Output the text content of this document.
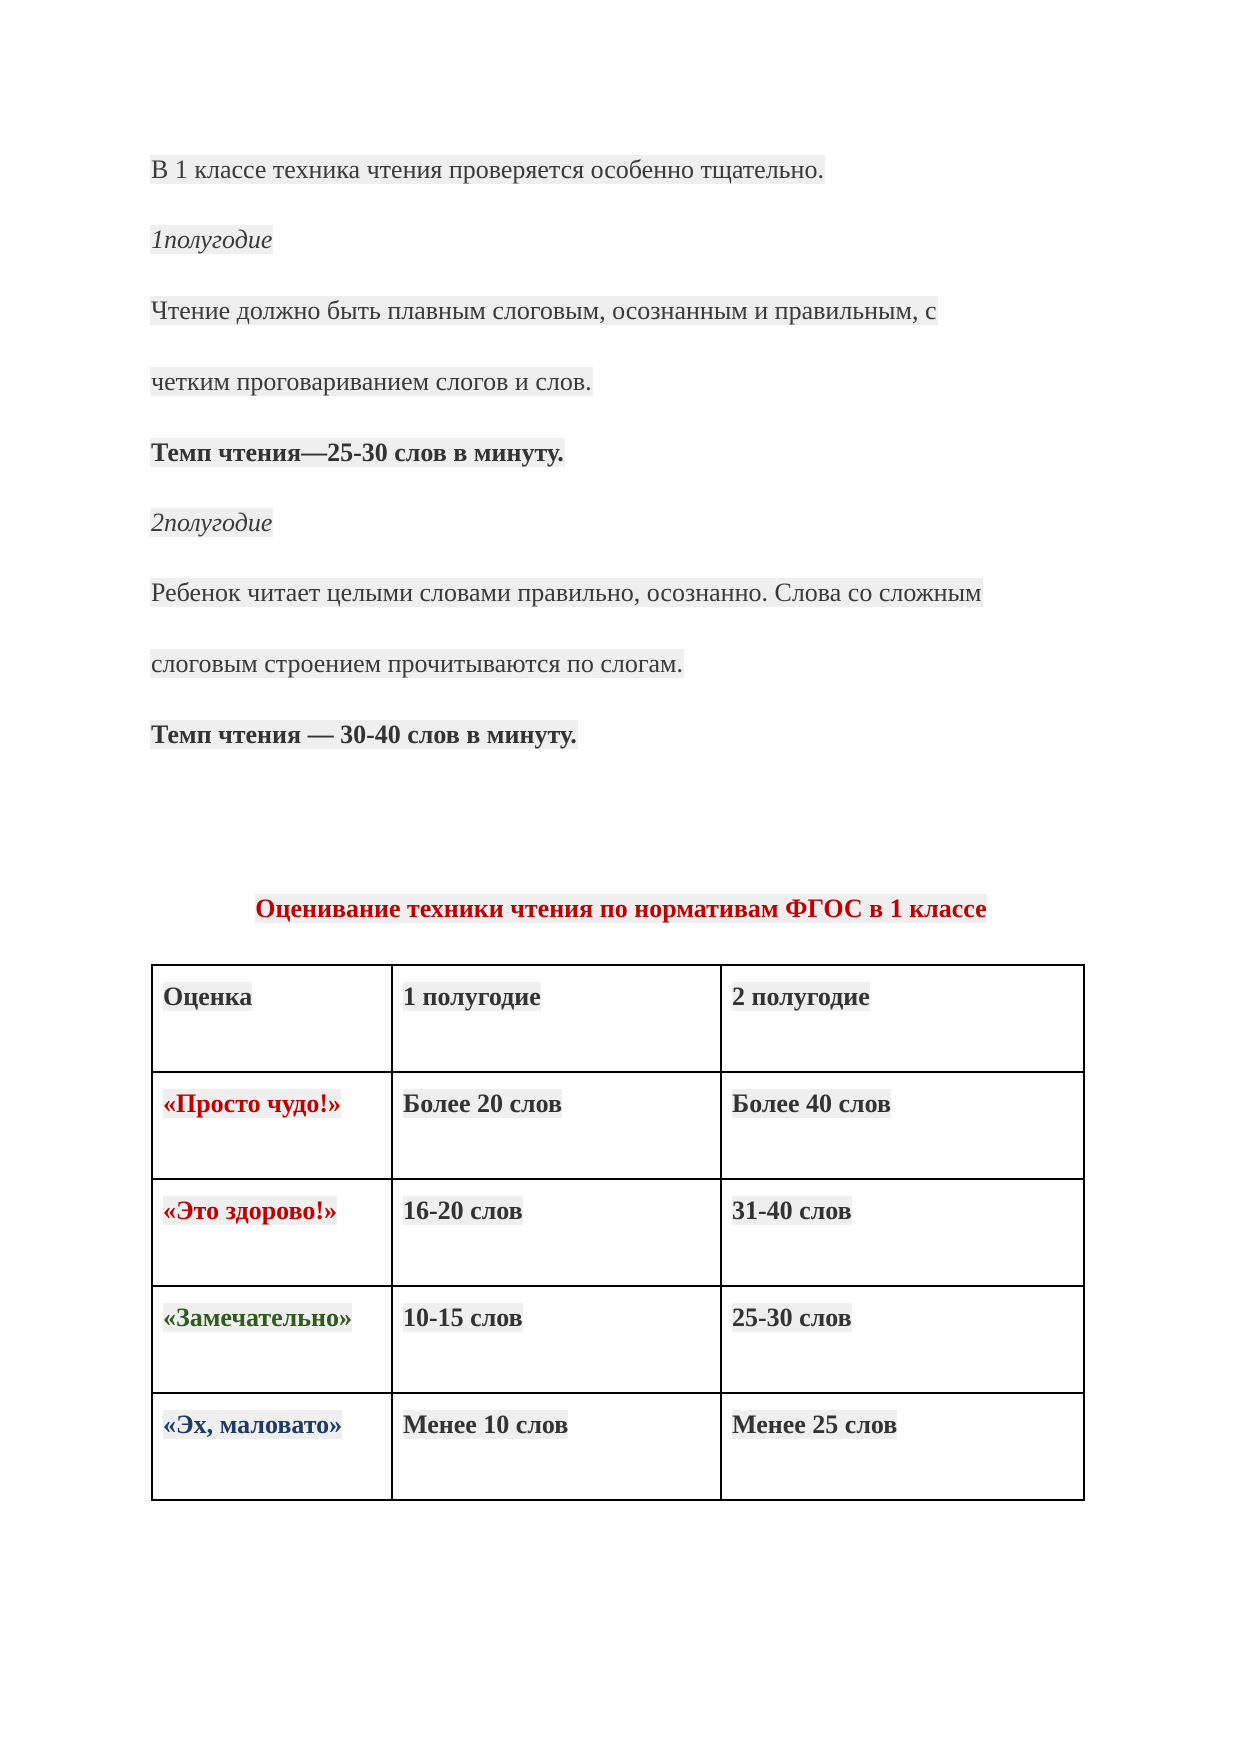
В 1 классе техника чтения проверяется особенно тщательно.
1полугодие
Чтение должно быть плавным слоговым, осознанным и правильным, с
четким проговариванием слогов и слов.
Темп чтения—25-30 слов в минуту.
2полугодие
Ребенок читает целыми словами правильно, осознанно. Слова со сложным
слоговым строением прочитываются по слогам.
Темп чтения — 30-40 слов в минуту.
Оценивание техники чтения по нормативам ФГОС в 1 классе
Оценка	1 полугодие	2 полугодие
«Просто чудо!»	Более 20 слов	Более 40 слов
«Это здорово!»	16-20 слов	31-40 слов
«Замечательно»	10-15 слов	25-30 слов
«Эх, маловато»	Менее 10 слов	Менее 25 слов
